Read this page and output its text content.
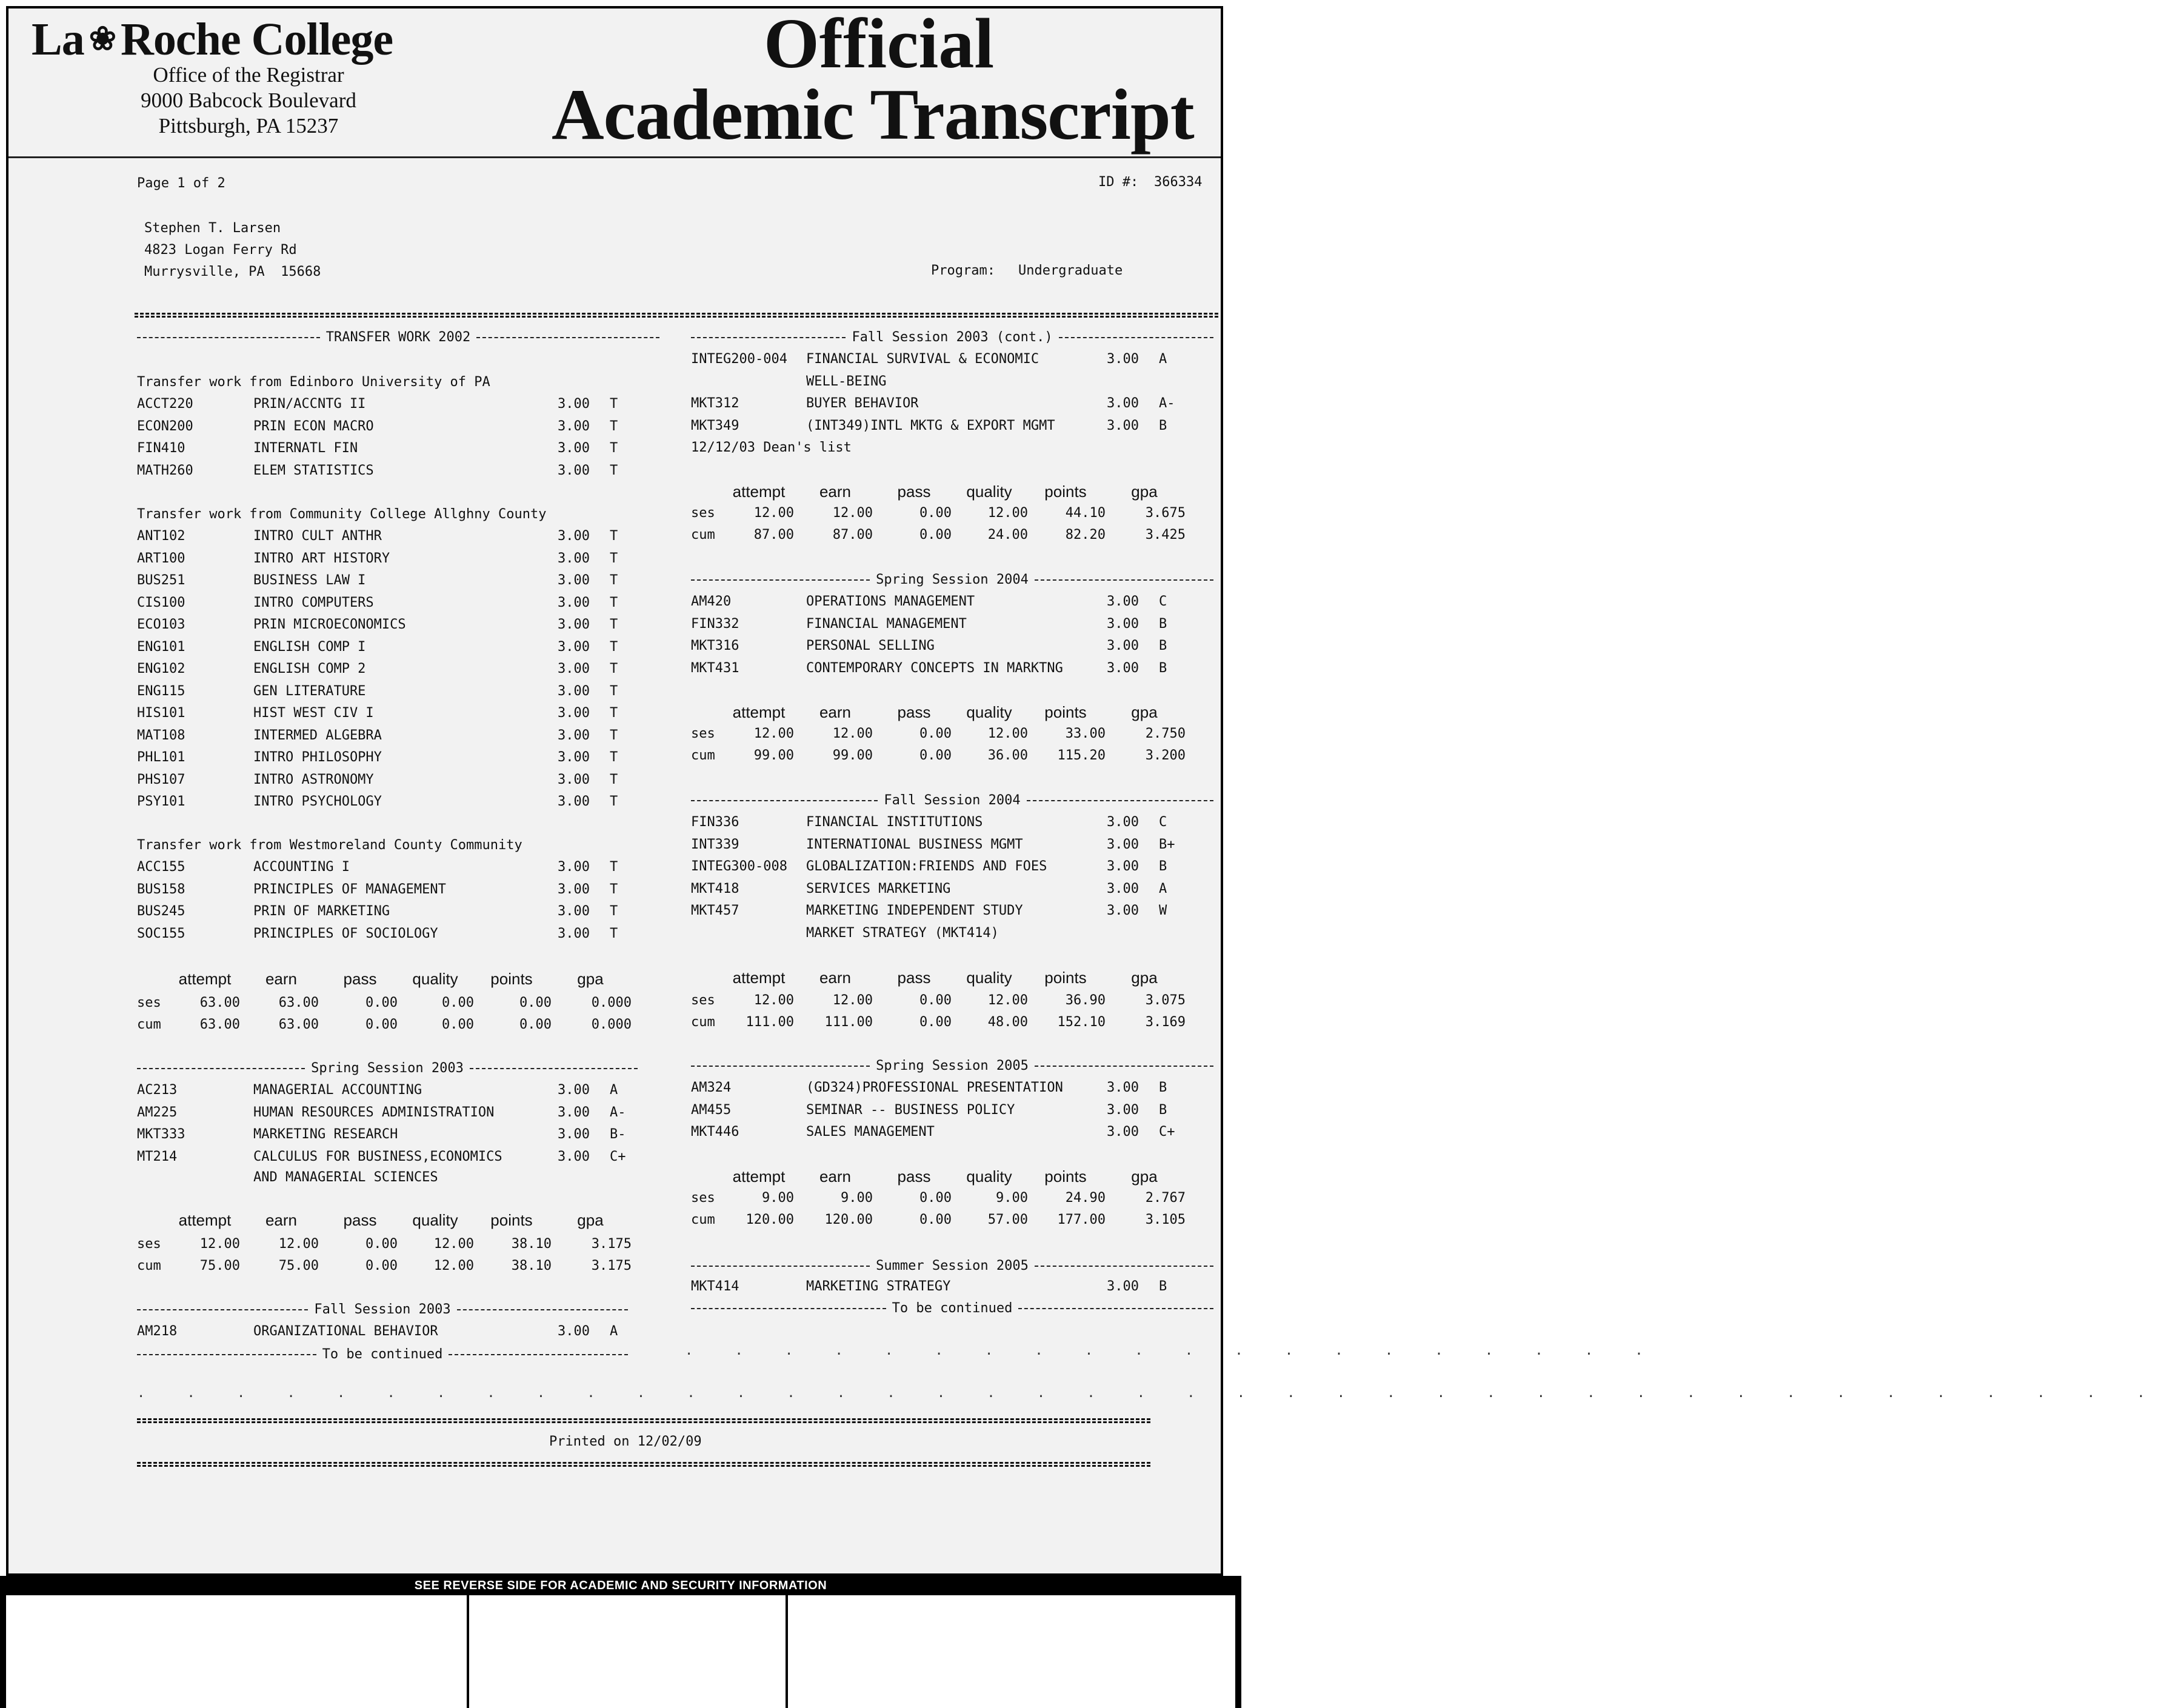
La ❀ Roche College
Office of the Registrar
9000 Babcock Boulevard
Pittsburgh, PA 15237
Official
Academic Transcript
Page 1 of 2	ID #: 366334
Stephen T. Larsen
4823 Logan Ferry Rd
Murrysville, PA  15668	Program: Undergraduate
TRANSFER WORK 2002
Transfer work from Edinboro University of PA
ACCT220	PRIN/ACCNTG II	3.00 T
ECON200	PRIN ECON MACRO	3.00 T
FIN410	INTERNATL FIN	3.00 T
MATH260	ELEM STATISTICS	3.00 T
Transfer work from Community College Allghny County
ANT102	INTRO CULT ANTHR	3.00 T
ART100	INTRO ART HISTORY	3.00 T
BUS251	BUSINESS LAW I	3.00 T
CIS100	INTRO COMPUTERS	3.00 T
ECO103	PRIN MICROECONOMICS	3.00 T
ENG101	ENGLISH COMP I	3.00 T
ENG102	ENGLISH COMP 2	3.00 T
ENG115	GEN LITERATURE	3.00 T
HIS101	HIST WEST CIV I	3.00 T
MAT108	INTERMED ALGEBRA	3.00 T
PHL101	INTRO PHILOSOPHY	3.00 T
PHS107	INTRO ASTRONOMY	3.00 T
PSY101	INTRO PSYCHOLOGY	3.00 T
Transfer work from Westmoreland County Community
ACC155	ACCOUNTING I	3.00 T
BUS158	PRINCIPLES OF MANAGEMENT	3.00 T
BUS245	PRIN OF MARKETING	3.00 T
SOC155	PRINCIPLES OF SOCIOLOGY	3.00 T
attempt	earn	pass	quality	points	gpa
ses	63.00	63.00	0.00	0.00	0.00	0.000
cum	63.00	63.00	0.00	0.00	0.00	0.000
Spring Session 2003
AC213	MANAGERIAL ACCOUNTING	3.00 A
AM225	HUMAN RESOURCES ADMINISTRATION	3.00 A-
MKT333	MARKETING RESEARCH	3.00 B-
MT214	CALCULUS FOR BUSINESS,ECONOMICS	3.00 C+
AND MANAGERIAL SCIENCES
attempt	earn	pass	quality	points	gpa
ses	12.00	12.00	0.00	12.00	38.10	3.175
cum	75.00	75.00	0.00	12.00	38.10	3.175
Fall Session 2003
AM218	ORGANIZATIONAL BEHAVIOR	3.00 A
To be continued
Fall Session 2003 (cont.)
INTEG200-004 FINANCIAL SURVIVAL & ECONOMIC	3.00 A
WELL-BEING
MKT312	BUYER BEHAVIOR	3.00 A-
MKT349	(INT349)INTL MKTG & EXPORT MGMT	3.00 B
12/12/03 Dean's list
attempt	earn	pass	quality	points	gpa
ses	12.00	12.00	0.00	12.00	44.10	3.675
cum	87.00	87.00	0.00	24.00	82.20	3.425
Spring Session 2004
AM420	OPERATIONS MANAGEMENT	3.00 C
FIN332	FINANCIAL MANAGEMENT	3.00 B
MKT316	PERSONAL SELLING	3.00 B
MKT431	CONTEMPORARY CONCEPTS IN MARKTNG	3.00 B
attempt	earn	pass	quality	points	gpa
ses	12.00	12.00	0.00	12.00	33.00	2.750
cum	99.00	99.00	0.00	36.00	115.20	3.200
Fall Session 2004
FIN336	FINANCIAL INSTITUTIONS	3.00 C
INT339	INTERNATIONAL BUSINESS MGMT	3.00 B+
INTEG300-008 GLOBALIZATION:FRIENDS AND FOES	3.00 B
MKT418	SERVICES MARKETING	3.00 A
MKT457	MARKETING INDEPENDENT STUDY	3.00 W
MARKET STRATEGY (MKT414)
attempt	earn	pass	quality	points	gpa
ses	12.00	12.00	0.00	12.00	36.90	3.075
cum	111.00	111.00	0.00	48.00	152.10	3.169
Spring Session 2005
AM324	(GD324)PROFESSIONAL PRESENTATION	3.00 B
AM455	SEMINAR -- BUSINESS POLICY	3.00 B
MKT446	SALES MANAGEMENT	3.00 C+
attempt	earn	pass	quality	points	gpa
ses	9.00	9.00	0.00	9.00	24.90	2.767
cum	120.00	120.00	0.00	57.00	177.00	3.105
Summer Session 2005
MKT414	MARKETING STRATEGY	3.00 B
To be continued
. . . . . . . . . . . . . . . . . . . .
. . . . . . . . . . . . . . . . . . . . . . . . . . . . . . . . . . . . . . . . .
Printed on 12/02/09
SEE REVERSE SIDE FOR ACADEMIC AND SECURITY INFORMATION
